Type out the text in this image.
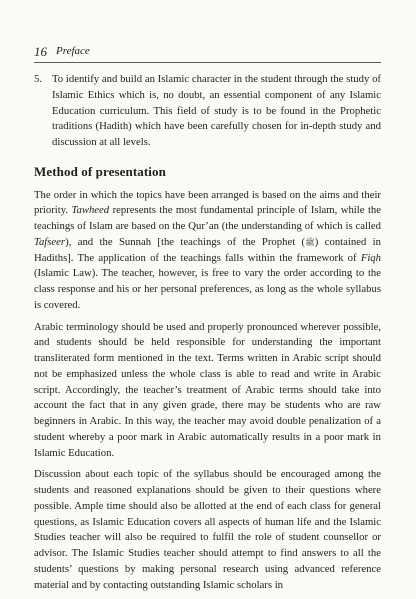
16 Preface
5. To identify and build an Islamic character in the student through the study of Islamic Ethics which is, no doubt, an essential component of any Islamic Education curriculum. This field of study is to be found in the Prophetic traditions (Hadith) which have been carefully chosen for in-depth study and discussion at all levels.
Method of presentation

The order in which the topics have been arranged is based on the aims and their priority. Tawheed represents the most fundamental principle of Islam, while the teachings of Islam are based on the Qur’an (the understanding of which is called Tafseer), and the Sunnah [the teachings of the Prophet (ﷺ) contained in Hadiths]. The application of the teachings falls within the framework of Fiqh (Islamic Law). The teacher, however, is free to vary the order according to the class response and his or her personal preferences, as long as the whole syllabus is covered.

Arabic terminology should be used and properly pronounced wherever possible, and students should be held responsible for understanding the important transliterated form mentioned in the text. Terms written in Arabic script should not be emphasized unless the whole class is able to read and write in Arabic script. Accordingly, the teacher’s treatment of Arabic terms should take into account the fact that in any given grade, there may be students who are raw beginners in Arabic. In this way, the teacher may avoid double penalization of a student whereby a poor mark in Arabic automatically results in a poor mark in Islamic Education.

Discussion about each topic of the syllabus should be encouraged among the students and reasoned explanations should be given to their questions where possible. Ample time should also be allotted at the end of each class for general questions, as Islamic Education covers all aspects of human life and the Islamic Studies teacher will also be required to fulfil the role of student counsellor or advisor. The Islamic Studies teacher should attempt to find answers to all the students’ questions by making personal research using advanced reference material and by contacting outstanding Islamic scholars in
